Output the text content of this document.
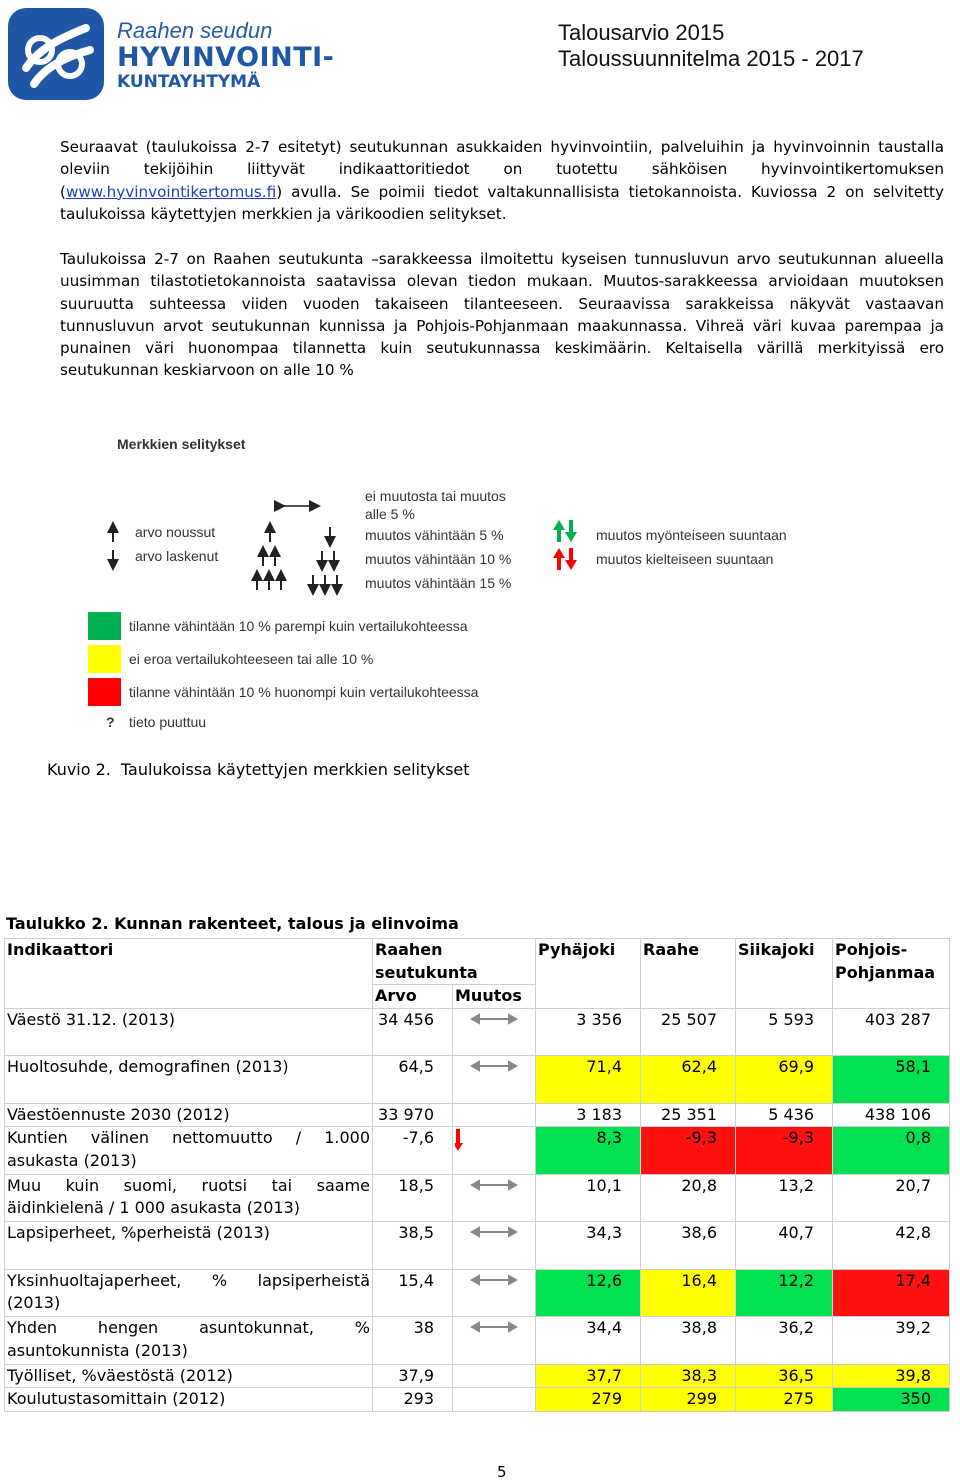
Raahen seudun
HYVINVOINTI-
KUNTAYHTYMÄ
Talousarvio 2015
Taloussuunnitelma 2015 - 2017
Seuraavat (taulukoissa 2-7 esitetyt) seutukunnan asukkaiden hyvinvointiin, palveluihin ja hyvinvoinnin taustalla oleviin tekijöihin liittyvät indikaattoritiedot on tuotettu sähköisen hyvinvointikertomuksen (www.hyvinvointikertomus.fi) avulla. Se poimii tiedot valtakunnallisista tietokannoista. Kuviossa 2 on selvitetty taulukoissa käytettyjen merkkien ja värikoodien selitykset.
Taulukoissa 2-7 on Raahen seutukunta –sarakkeessa ilmoitettu kyseisen tunnusluvun arvo seutukunnan alueella uusimman tilastotietokannoista saatavissa olevan tiedon mukaan. Muutos-sarakkeessa arvioidaan muutoksen suuruutta suhteessa viiden vuoden takaiseen tilanteeseen. Seuraavissa sarakkeissa näkyvät vastaavan tunnusluvun arvot seutukunnan kunnissa ja Pohjois-Pohjanmaan maakunnassa. Vihreä väri kuvaa parempaa ja punainen väri huonompaa tilannetta kuin seutukunnassa keskimäärin. Keltaisella värillä merkityissä ero seutukunnan keskiarvoon on alle 10 %
Merkkien selitykset
arvo noussut
arvo laskenut
ei muutosta tai muutos
alle 5 %
muutos vähintään 5 %
muutos vähintään 10 %
muutos vähintään 15 %
muutos myönteiseen suuntaan
muutos kielteiseen suuntaan
tilanne vähintään 10 % parempi kuin vertailukohteessa
ei eroa vertailukohteeseen tai alle 10 %
tilanne vähintään 10 % huonompi kuin vertailukohteessa
? tieto puuttuu
Kuvio 2. Taulukoissa käytettyjen merkkien selitykset
Taulukko 2. Kunnan rakenteet, talous ja elinvoima
Indikaattori	Raahen seutukunta		Pyhäjoki	Raahe	Siikajoki	Pohjois-Pohjanmaa
	Arvo	Muutos				
Väestö 31.12. (2013)	34 456		3 356	25 507	5 593	403 287
Huoltosuhde, demografinen (2013)	64,5		71,4	62,4	69,9	58,1
Väestöennuste 2030 (2012)	33 970		3 183	25 351	5 436	438 106
Kuntien välinen nettomuutto / 1.000 asukasta (2013)	-7,6		8,3	-9,3	-9,3	0,8
Muu kuin suomi, ruotsi tai saame äidinkielenä / 1 000 asukasta (2013)	18,5		10,1	20,8	13,2	20,7
Lapsiperheet, %perheistä (2013)	38,5		34,3	38,6	40,7	42,8
Yksinhuoltajaperheet, % lapsiperheistä (2013)	15,4		12,6	16,4	12,2	17,4
Yhden hengen asuntokunnat, % asuntokunnista (2013)	38		34,4	38,8	36,2	39,2
Työlliset, %väestöstä (2012)	37,9		37,7	38,3	36,5	39,8
Koulutustasomittain (2012)	293		279	299	275	350
5
